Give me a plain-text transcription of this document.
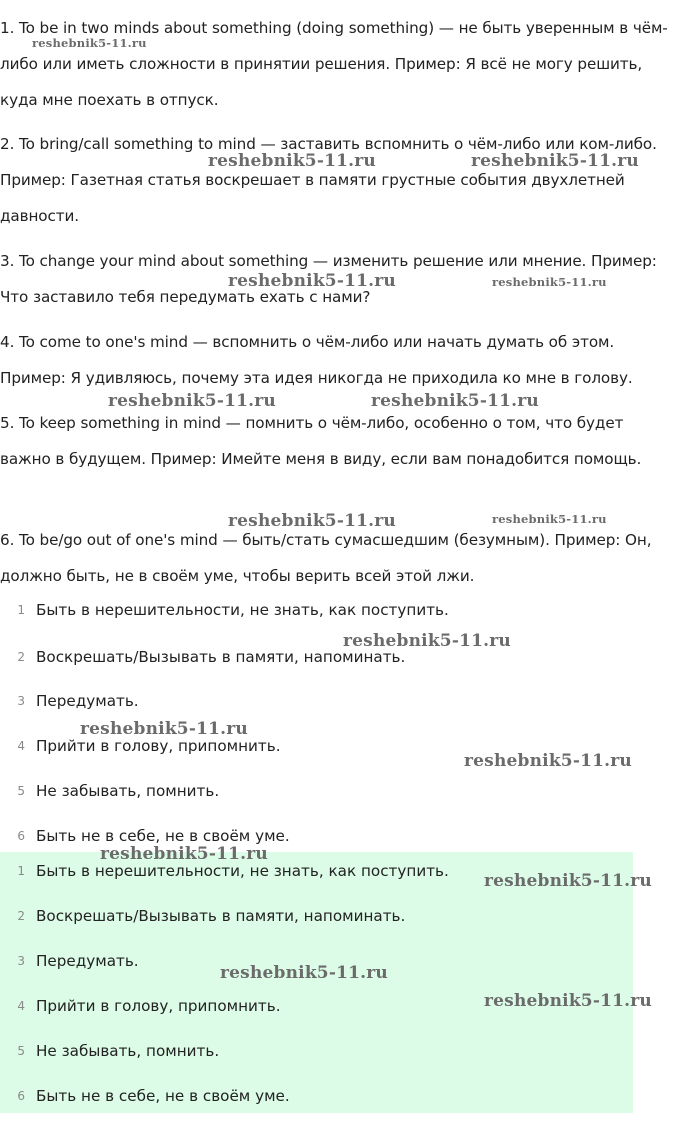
1. To be in two minds about something (doing something) — не быть уверенным в чём-либо или иметь сложности в принятии решения. Пример: Я всё не могу решить, куда мне поехать в отпуск.

2. To bring/call something to mind — заставить вспомнить о чём-либо или ком-либо. Пример: Газетная статья воскрешает в памяти грустные события двухлетней давности.

3. To change your mind about something — изменить решение или мнение. Пример: Что заставило тебя передумать ехать с нами?

4. To come to one's mind — вспомнить о чём-либо или начать думать об этом. Пример: Я удивляюсь, почему эта идея никогда не приходила ко мне в голову.

5. To keep something in mind — помнить о чём-либо, особенно о том, что будет важно в будущем. Пример: Имейте меня в виду, если вам понадобится помощь.

6. To be/go out of one's mind — быть/стать сумасшедшим (безумным). Пример: Он, должно быть, не в своём уме, чтобы верить всей этой лжи.

1 Быть в нерешительности, не знать, как поступить.
2 Воскрешать/Вызывать в памяти, напоминать.
3 Передумать.
4 Прийти в голову, припомнить.
5 Не забывать, помнить.
6 Быть не в себе, не в своём уме.
1 Быть в нерешительности, не знать, как поступить.
2 Воскрешать/Вызывать в памяти, напоминать.
3 Передумать.
4 Прийти в голову, припомнить.
5 Не забывать, помнить.
6 Быть не в себе, не в своём уме.
reshebnik5-11.ru
reshebnik5-11.ru	reshebnik5-11.ru
reshebnik5-11.ru	reshebnik5-11.ru
reshebnik5-11.ru	reshebnik5-11.ru
reshebnik5-11.ru	reshebnik5-11.ru
reshebnik5-11.ru
reshebnik5-11.ru
reshebnik5-11.ru
reshebnik5-11.ru
reshebnik5-11.ru
reshebnik5-11.ru
reshebnik5-11.ru
